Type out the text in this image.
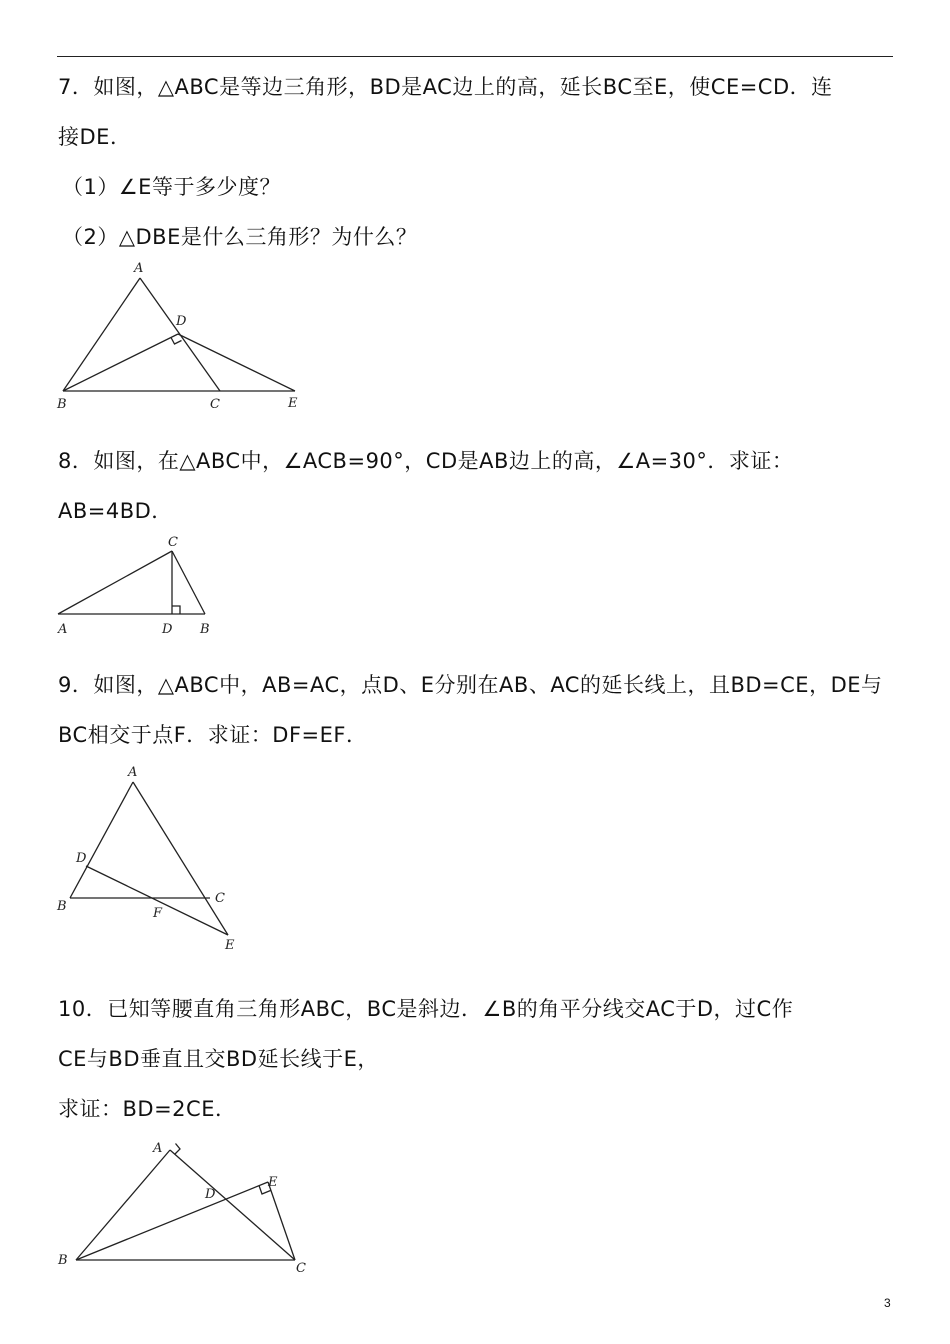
7．如图，△ABC是等边三角形，BD是AC边上的高，延长BC至E，使CE=CD．连
接DE．
（1）∠E等于多少度？
（2）△DBE是什么三角形？为什么？
A
D
B	C	E
8．如图，在△ABC中，∠ACB=90°，CD是AB边上的高，∠A=30°．求证：
AB=4BD．
C
A	D B
9．如图，△ABC中，AB=AC，点D、E分别在AB、AC的延长线上，且BD=CE，DE与
BC相交于点F．求证：DF=EF．
A
D
B
C
F
E
10．已知等腰直角三角形ABC，BC是斜边．∠B的角平分线交AC于D，过C作
CE与BD垂直且交BD延长线于E，
求证：BD=2CE．
A
E
D
B
C
3
